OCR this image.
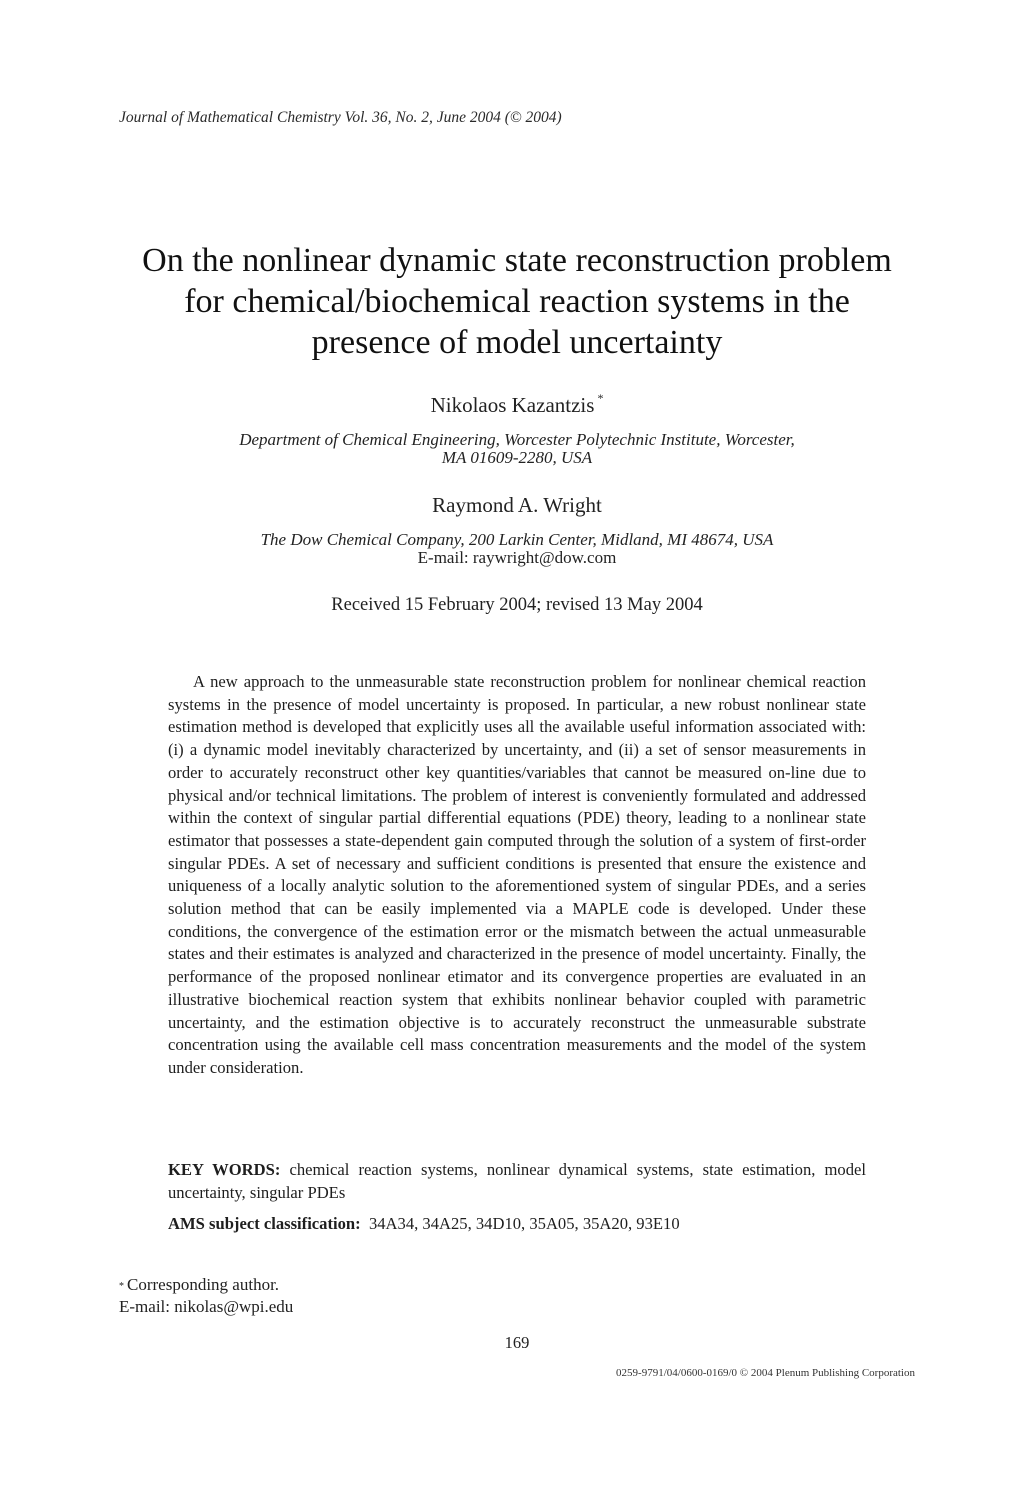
Journal of Mathematical Chemistry Vol. 36, No. 2, June 2004 (© 2004)
On the nonlinear dynamic state reconstruction problem
for chemical/biochemical reaction systems in the
presence of model uncertainty
Nikolaos Kazantzis *
Department of Chemical Engineering, Worcester Polytechnic Institute, Worcester,
MA 01609-2280, USA
Raymond A. Wright
The Dow Chemical Company, 200 Larkin Center, Midland, MI 48674, USA
E-mail: raywright@dow.com
Received 15 February 2004; revised 13 May 2004

A new approach to the unmeasurable state reconstruction problem for nonlinear chemical reaction systems in the presence of model uncertainty is proposed. In particular, a new robust nonlinear state estimation method is developed that explicitly uses all the available useful information associated with: (i) a dynamic model inevitably characterized by uncertainty, and (ii) a set of sensor measurements in order to accurately reconstruct other key quantities/variables that cannot be measured on-line due to physical and/or technical limitations. The problem of interest is conveniently formulated and addressed within the context of singular partial differential equations (PDE) theory, leading to a nonlinear state estimator that possesses a state-dependent gain computed through the solution of a system of first-order singular PDEs. A set of necessary and sufficient conditions is presented that ensure the existence and uniqueness of a locally analytic solution to the aforementioned system of singular PDEs, and a series solution method that can be easily implemented via a MAPLE code is developed. Under these conditions, the convergence of the estimation error or the mismatch between the actual unmeasurable states and their estimates is analyzed and characterized in the presence of model uncertainty. Finally, the performance of the proposed nonlinear etimator and its convergence properties are evaluated in an illustrative biochemical reaction system that exhibits nonlinear behavior coupled with parametric uncertainty, and the estimation objective is to accurately reconstruct the unmeasurable substrate concentration using the available cell mass concentration measurements and the model of the system under consideration.

KEY WORDS: chemical reaction systems, nonlinear dynamical systems, state estimation, model uncertainty, singular PDEs

AMS subject classification: 34A34, 34A25, 34D10, 35A05, 35A20, 93E10

* Corresponding author.
E-mail: nikolas@wpi.edu
169
0259-9791/04/0600-0169/0 © 2004 Plenum Publishing Corporation
